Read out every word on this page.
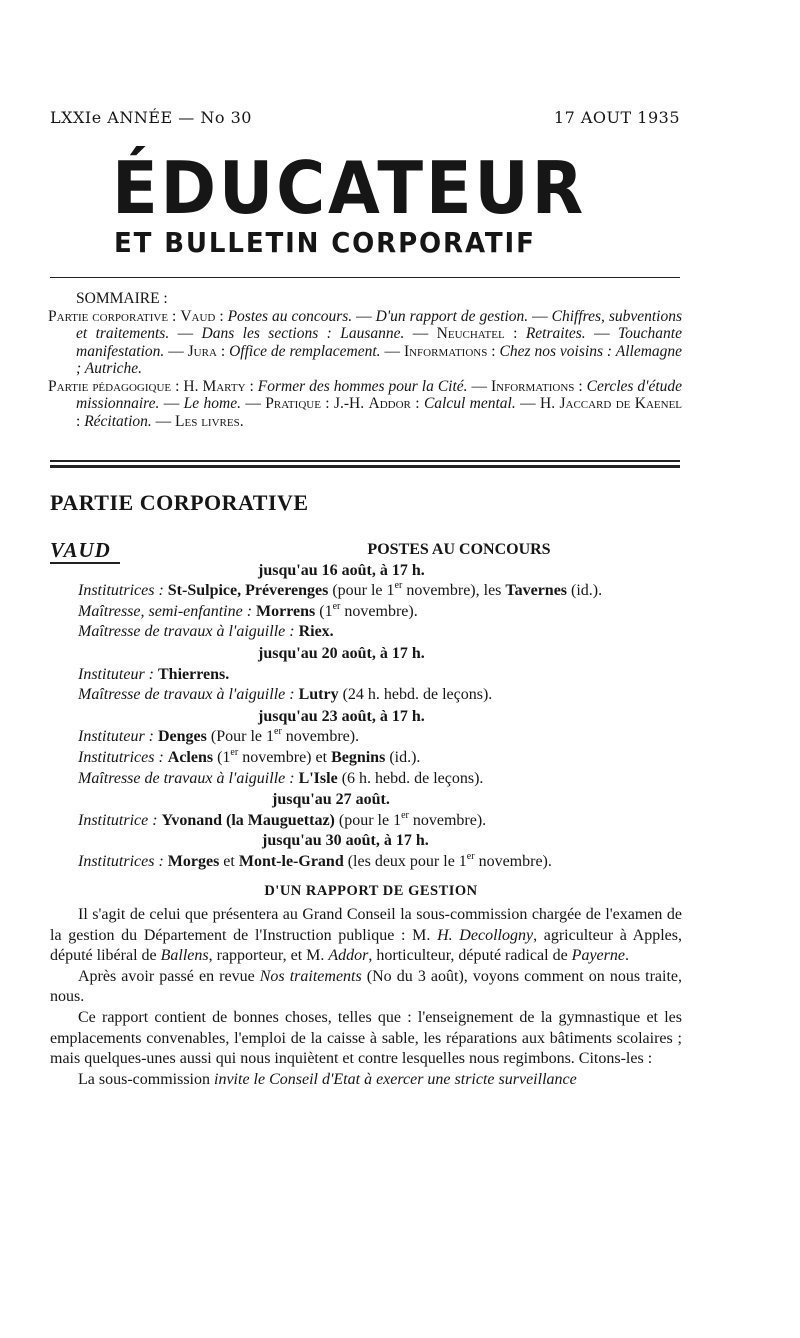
LXXIe ANNÉE — No 30	17 AOUT 1935
ÉDUCATEUR
ET BULLETIN CORPORATIF

SOMMAIRE :

Partie corporative : Vaud : Postes au concours. — D'un rapport de gestion. — Chiffres, subventions et traitements. — Dans les sections : Lausanne. — Neuchatel : Retraites. — Touchante manifestation. — Jura : Office de remplacement. — Informations : Chez nos voisins : Allemagne ; Autriche.

Partie pédagogique : H. Marty : Former des hommes pour la Cité. — Informations : Cercles d'étude missionnaire. — Le home. — Pratique : J.-H. Addor : Calcul mental. — H. Jaccard de Kaenel : Récitation. — Les livres.

PARTIE CORPORATIVE
VAUD	POSTES AU CONCOURS

jusqu'au 16 août, à 17 h.

Institutrices : St-Sulpice, Préverenges (pour le 1er novembre), les Tavernes (id.).

Maîtresse, semi-enfantine : Morrens (1er novembre).

Maîtresse de travaux à l'aiguille : Riex.

jusqu'au 20 août, à 17 h.

Instituteur : Thierrens.

Maîtresse de travaux à l'aiguille : Lutry (24 h. hebd. de leçons).

jusqu'au 23 août, à 17 h.

Instituteur : Denges (Pour le 1er novembre).

Institutrices : Aclens (1er novembre) et Begnins (id.).

Maîtresse de travaux à l'aiguille : L'Isle (6 h. hebd. de leçons).

jusqu'au 27 août.

Institutrice : Yvonand (la Mauguettaz) (pour le 1er novembre).

jusqu'au 30 août, à 17 h.

Institutrices : Morges et Mont-le-Grand (les deux pour le 1er novembre).

D'UN RAPPORT DE GESTION

Il s'agit de celui que présentera au Grand Conseil la sous-commission chargée de l'examen de la gestion du Département de l'Instruction publique : M. H. Decollogny, agriculteur à Apples, député libéral de Ballens, rapporteur, et M. Addor, horticulteur, député radical de Payerne.

Après avoir passé en revue Nos traitements (No du 3 août), voyons comment on nous traite, nous.

Ce rapport contient de bonnes choses, telles que : l'enseignement de la gymnastique et les emplacements convenables, l'emploi de la caisse à sable, les réparations aux bâtiments scolaires ; mais quelques-unes aussi qui nous inquiètent et contre lesquelles nous regimbons. Citons-les :

La sous-commission invite le Conseil d'Etat à exercer une stricte surveillance
